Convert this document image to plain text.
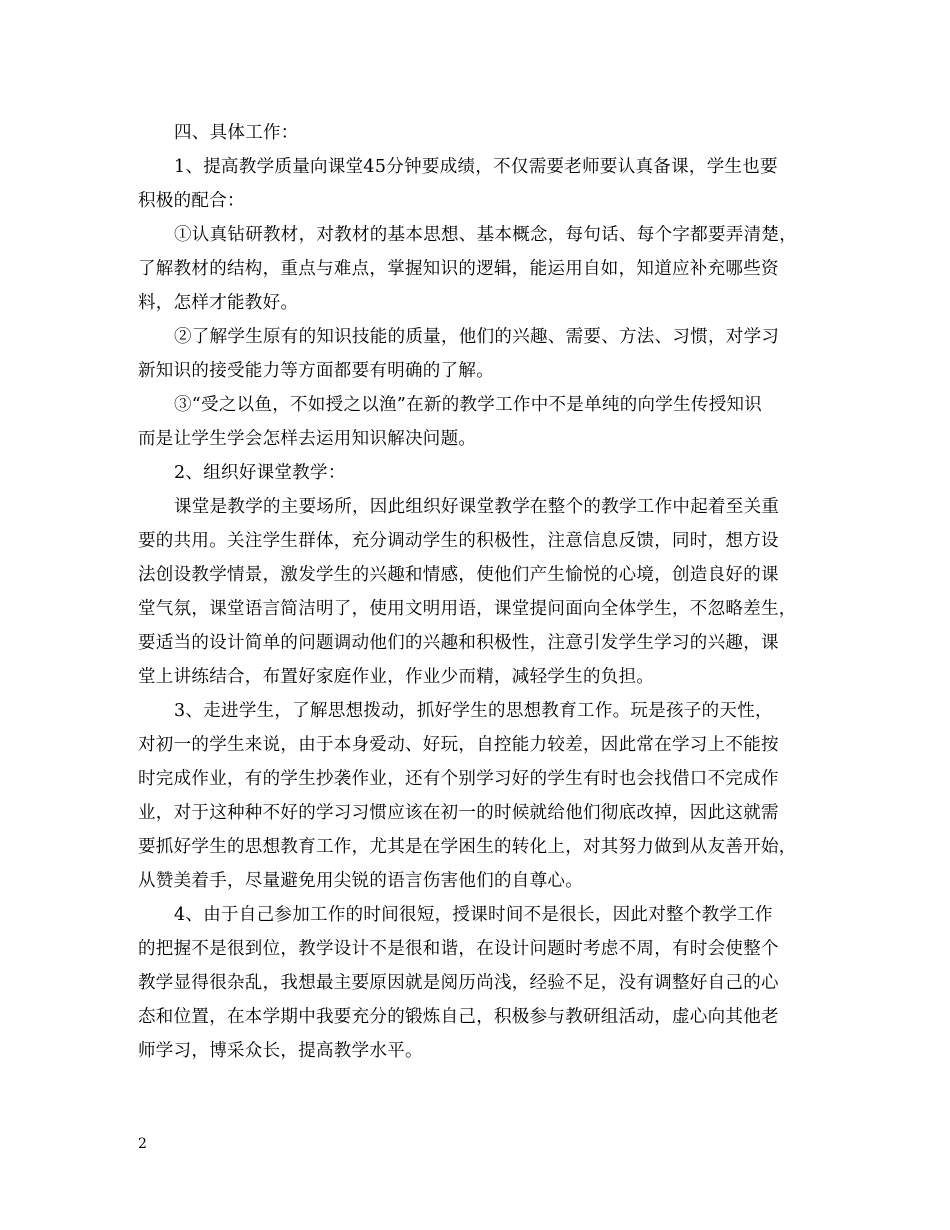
四、具体工作：
1、提高教学质量向课堂45分钟要成绩，不仅需要老师要认真备课，学生也要
积极的配合：
①认真钻研教材，对教材的基本思想、基本概念，每句话、每个字都要弄清楚，
了解教材的结构，重点与难点，掌握知识的逻辑，能运用自如，知道应补充哪些资
料，怎样才能教好。
②了解学生原有的知识技能的质量，他们的兴趣、需要、方法、习惯，对学习
新知识的接受能力等方面都要有明确的了解。
③“受之以鱼，不如授之以渔”在新的教学工作中不是单纯的向学生传授知识
而是让学生学会怎样去运用知识解决问题。
2、组织好课堂教学：
课堂是教学的主要场所，因此组织好课堂教学在整个的教学工作中起着至关重
要的共用。关注学生群体，充分调动学生的积极性，注意信息反馈，同时，想方设
法创设教学情景，激发学生的兴趣和情感，使他们产生愉悦的心境，创造良好的课
堂气氛，课堂语言简洁明了，使用文明用语，课堂提问面向全体学生，不忽略差生，
要适当的设计简单的问题调动他们的兴趣和积极性，注意引发学生学习的兴趣，课
堂上讲练结合，布置好家庭作业，作业少而精，减轻学生的负担。
3、走进学生，了解思想拨动，抓好学生的思想教育工作。玩是孩子的天性，
对初一的学生来说，由于本身爱动、好玩，自控能力较差，因此常在学习上不能按
时完成作业，有的学生抄袭作业，还有个别学习好的学生有时也会找借口不完成作
业，对于这种种不好的学习习惯应该在初一的时候就给他们彻底改掉，因此这就需
要抓好学生的思想教育工作，尤其是在学困生的转化上，对其努力做到从友善开始，
从赞美着手，尽量避免用尖锐的语言伤害他们的自尊心。
4、由于自己参加工作的时间很短，授课时间不是很长，因此对整个教学工作
的把握不是很到位，教学设计不是很和谐，在设计问题时考虑不周，有时会使整个
教学显得很杂乱，我想最主要原因就是阅历尚浅，经验不足，没有调整好自己的心
态和位置，在本学期中我要充分的锻炼自己，积极参与教研组活动，虚心向其他老
师学习，博采众长，提高教学水平。
2
